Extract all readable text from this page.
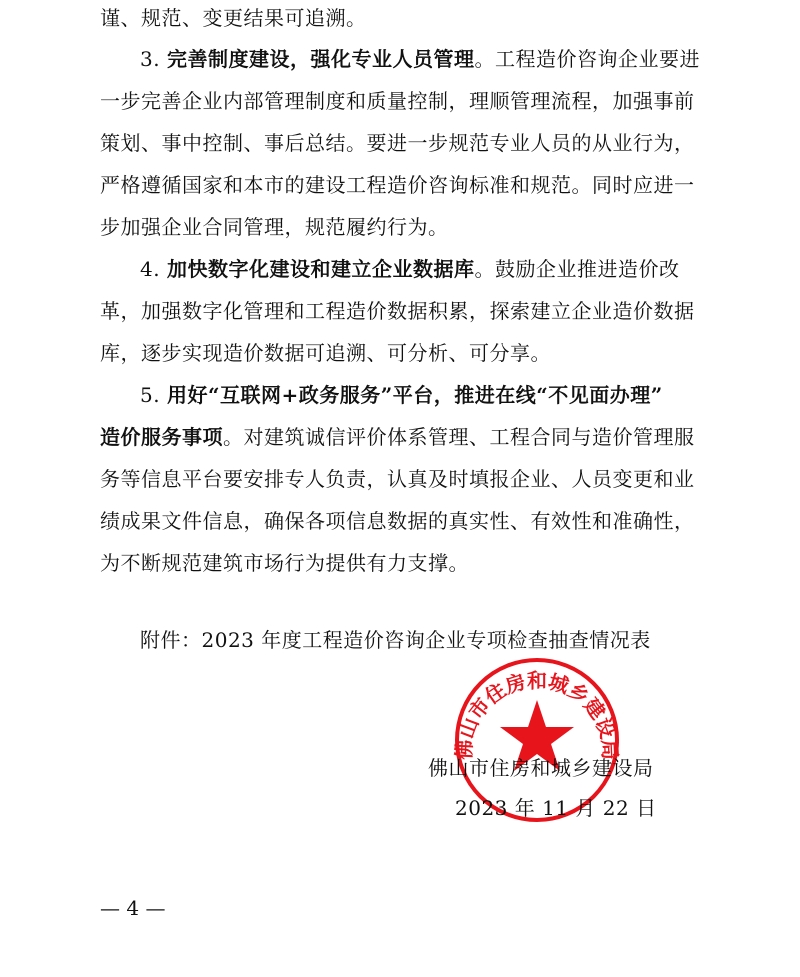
谨、规范、变更结果可追溯。
3. 完善制度建设，强化专业人员管理。工程造价咨询企业要进
一步完善企业内部管理制度和质量控制，理顺管理流程，加强事前
策划、事中控制、事后总结。要进一步规范专业人员的从业行为，
严格遵循国家和本市的建设工程造价咨询标准和规范。同时应进一
步加强企业合同管理，规范履约行为。
4. 加快数字化建设和建立企业数据库。鼓励企业推进造价改
革，加强数字化管理和工程造价数据积累，探索建立企业造价数据
库，逐步实现造价数据可追溯、可分析、可分享。
5. 用好“互联网+政务服务”平台，推进在线“不见面办理”
造价服务事项。对建筑诚信评价体系管理、工程合同与造价管理服
务等信息平台要安排专人负责，认真及时填报企业、人员变更和业
绩成果文件信息，确保各项信息数据的真实性、有效性和准确性，
为不断规范建筑市场行为提供有力支撑。
附件：2023 年度工程造价咨询企业专项检查抽查情况表
佛山市住房和城乡建设局
2023 年 11 月 22 日
佛山市住房和城乡建设局
— 4 —
